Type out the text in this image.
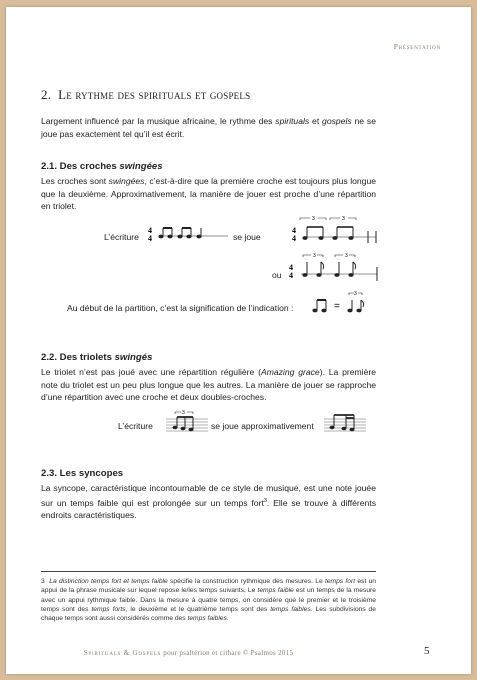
Présentation
2. Le rythme des spirituals et gospels
Largement influencé par la musique africaine, le rythme des spirituals et gospels ne se joue pas exactement tel qu’il est écrit.
2.1. Des croches swingées
Les croches sont swingées, c’est-à-dire que la première croche est toujours plus longue que la deuxième. Approximativement, la manière de jouer est proche d’une répartition en triolet.
L’écriture
4
4	se joue
4
4
3	3
ou
4
4
3	3
Au début de la partition, c’est la signification de l’indication :
3
=
2.2. Des triolets swingés
Le triolet n’est pas joué avec une répartition régulière (Amazing grace). La première note du triolet est un peu plus longue que les autres. La manière de jouer se rapproche d’une répartition avec une croche et deux doubles-croches.
L’écriture
3
se joue approximativement
2.3. Les syncopes
La syncope, caractéristique incontournable de ce style de musique, est une note jouée sur un temps faible qui est prolongée sur un temps fort$^3$. Elle se trouve à différents endroits caractéristiques.
3 La distinction temps fort et temps faible spécifie la construction rythmique des mesures. Le temps fort est un appui de la phrase musicale sur lequel repose le/les temps suivants. Le temps faible est un temps de la mesure avec un appui rythmique faible. Dans la mesure à quatre temps, on considère que le premier et le troisième temps sont des temps forts, le deuxième et le quatrième temps sont des temps faibles. Les subdivisions de chaque temps sont aussi considérés comme des temps faibles.
Spirituals & Gospels pour psaltérion et cithare © Psalmos 2015	5
